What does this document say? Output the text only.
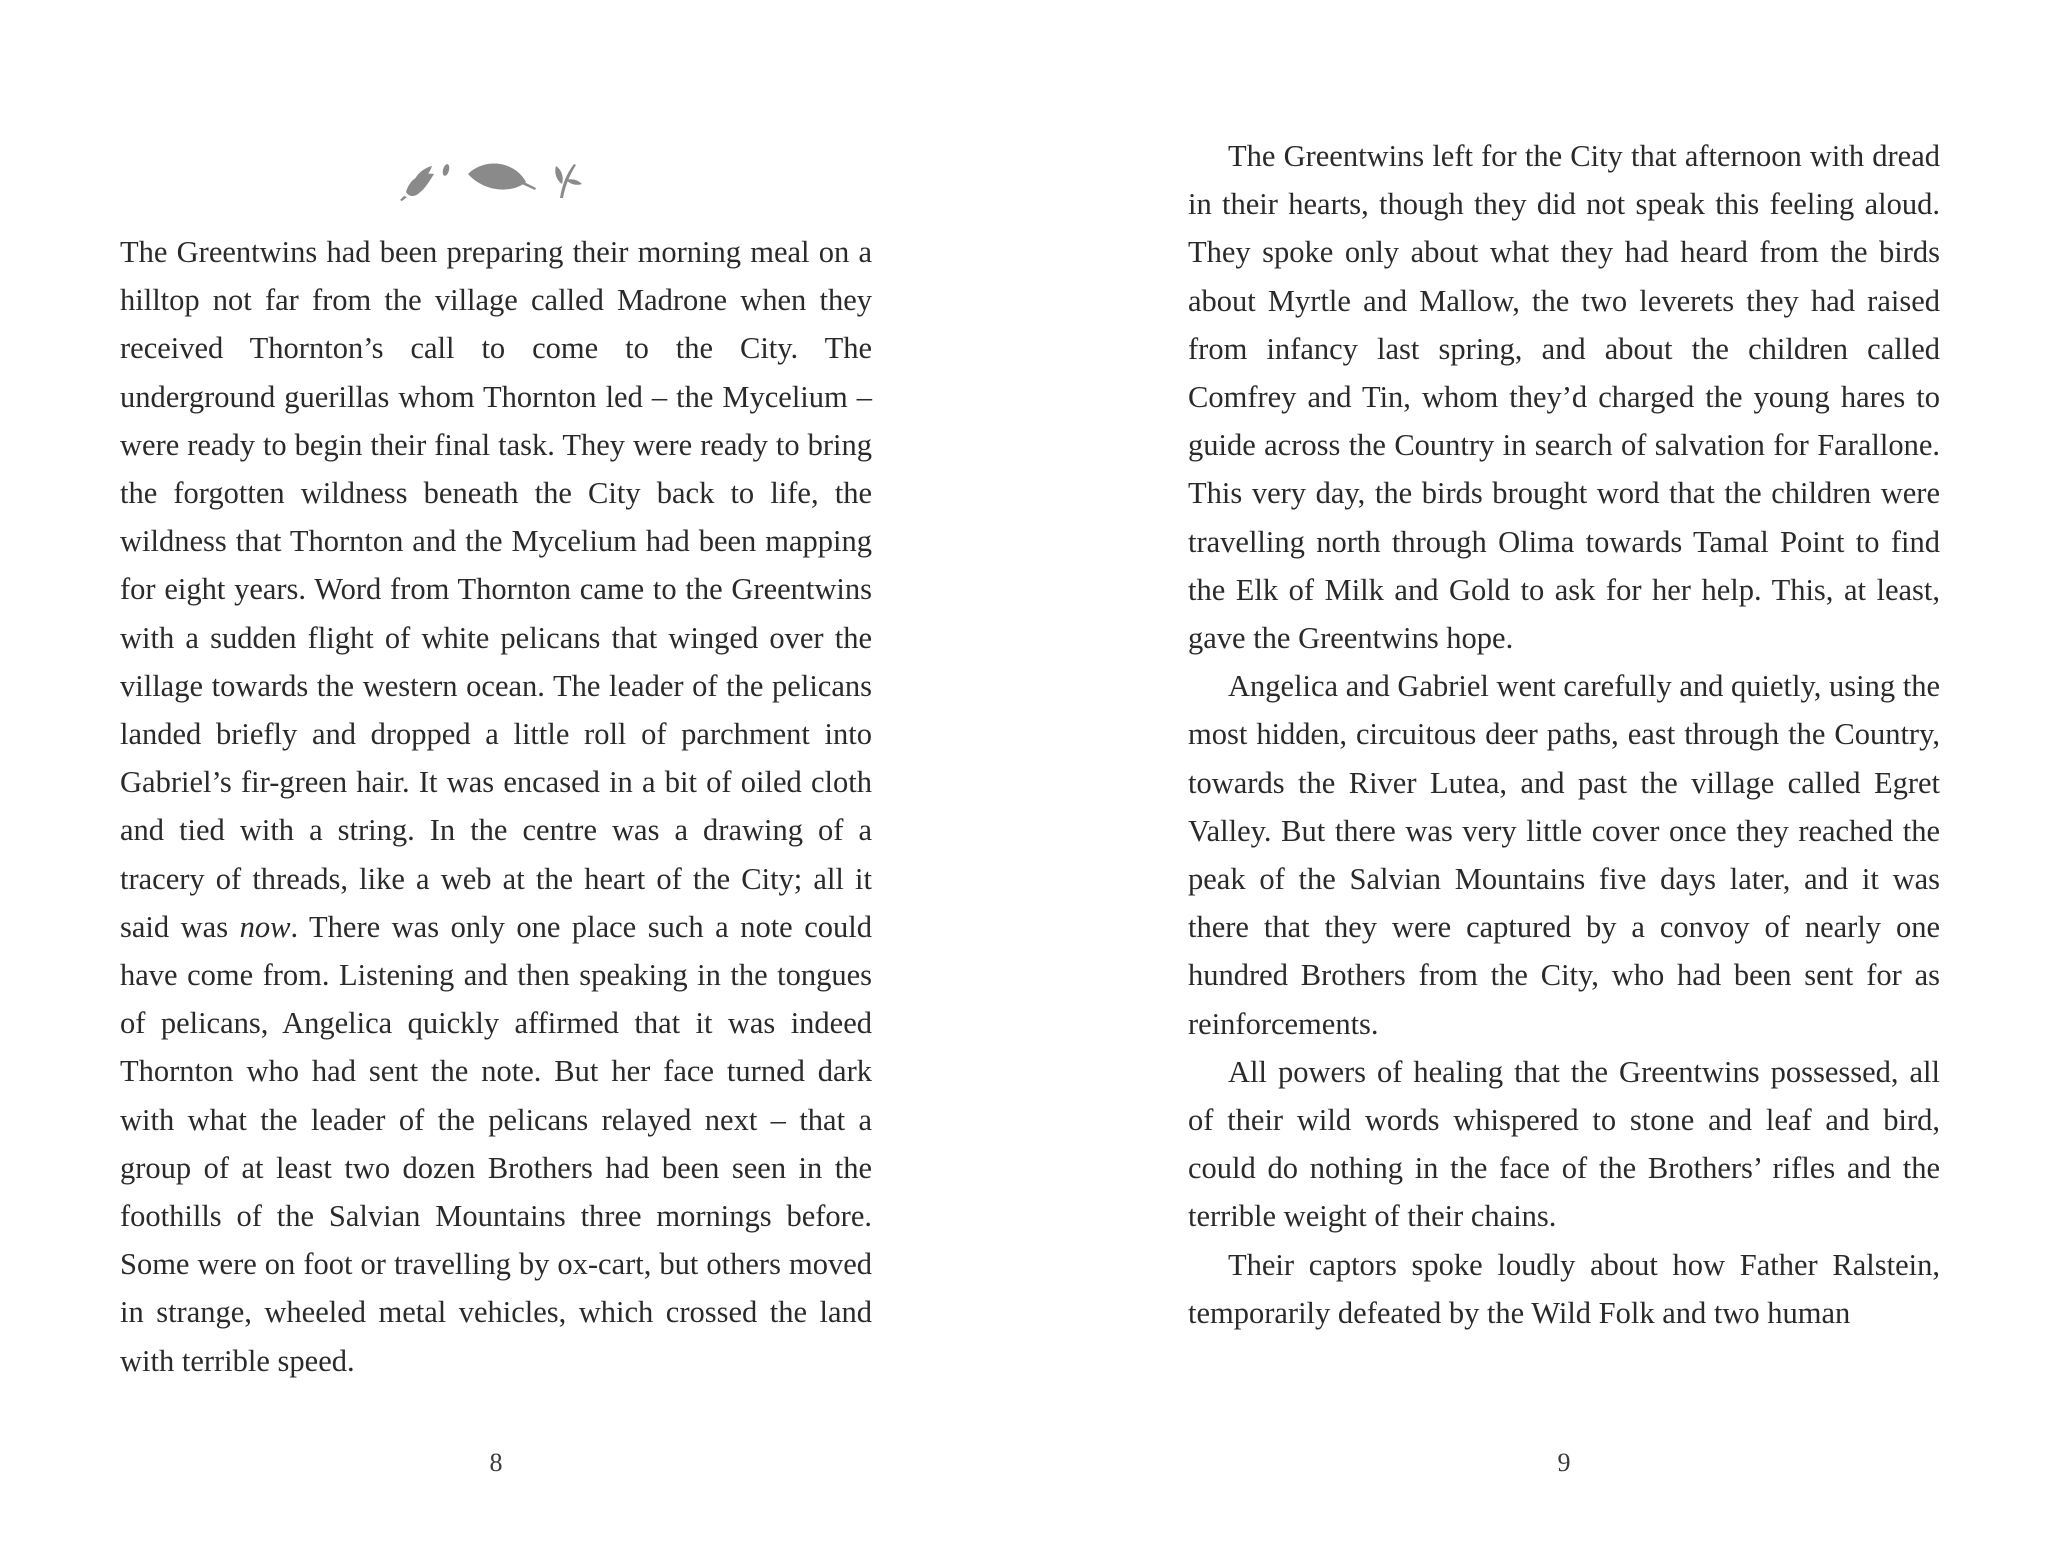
The Greentwins had been preparing their morning meal on a hilltop not far from the village called Madrone when they received Thornton’s call to come to the City. The underground guerillas whom Thornton led – the Mycelium – were ready to begin their final task. They were ready to bring the forgotten wildness beneath the City back to life, the wildness that Thornton and the Mycelium had been mapping for eight years. Word from Thornton came to the Greentwins with a sudden flight of white pelicans that winged over the village towards the western ocean. The leader of the pelicans landed briefly and dropped a little roll of parchment into Gabriel’s fir-green hair. It was encased in a bit of oiled cloth and tied with a string. In the centre was a drawing of a tracery of threads, like a web at the heart of the City; all it said was now. There was only one place such a note could have come from. Listening and then speaking in the tongues of pelicans, Angelica quickly affirmed that it was indeed Thornton who had sent the note. But her face turned dark with what the leader of the pelicans relayed next – that a group of at least two dozen Brothers had been seen in the foothills of the Salvian Mountains three mornings before. Some were on foot or travelling by ox-cart, but others moved in strange, wheeled metal vehicles, which crossed the land with terrible speed.

8

The Greentwins left for the City that afternoon with dread in their hearts, though they did not speak this feeling aloud. They spoke only about what they had heard from the birds about Myrtle and Mallow, the two leverets they had raised from infancy last spring, and about the children called Comfrey and Tin, whom they’d charged the young hares to guide across the Country in search of salvation for Farallone. This very day, the birds brought word that the children were travelling north through Olima towards Tamal Point to find the Elk of Milk and Gold to ask for her help. This, at least, gave the Greentwins hope.

Angelica and Gabriel went carefully and quietly, using the most hidden, circuitous deer paths, east through the Country, towards the River Lutea, and past the village called Egret Valley. But there was very little cover once they reached the peak of the Salvian Mountains five days later, and it was there that they were captured by a convoy of nearly one hundred Brothers from the City, who had been sent for as reinforcements.

All powers of healing that the Greentwins possessed, all of their wild words whispered to stone and leaf and bird, could do nothing in the face of the Brothers’ rifles and the terrible weight of their chains.

Their captors spoke loudly about how Father Ralstein, temporarily defeated by the Wild Folk and two human

9
